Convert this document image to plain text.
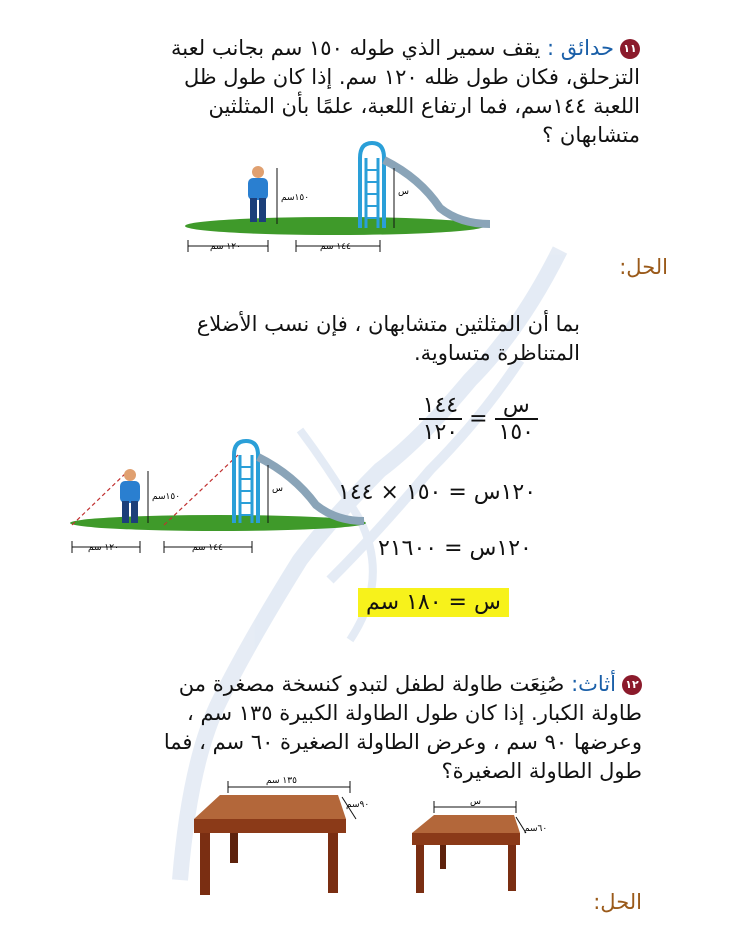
١١حدائق : يقف سمير الذي طوله ١٥٠ سم بجانب لعبة التزحلق، فكان طول ظله ١٢٠ سم. إذا كان طول ظل اللعبة ١٤٤سم، فما ارتفاع اللعبة، علمًا بأن المثلثين متشابهان ؟
١٥٠سم
س
١٢٠ سم	١٤٤ سم
الحل:
بما أن المثلثين متشابهان ، فإن نسب الأضلاع المتناظرة متساوية.
$\frac{\text{س}}{١٥٠}$
=
$\frac{١٤٤}{١٢٠}$
١٢٠س = ١٥٠ × ١٤٤
١٢٠س = ٢١٦٠٠
س = ١٨٠ سم
١٥٠سم
س
١٢٠ سم	١٤٤ سم
١٢أثاث: صُنِعَت طاولة لطفل لتبدو كنسخة مصغرة من طاولة الكبار. إذا كان طول الطاولة الكبيرة ١٣٥ سم ، وعرضها ٩٠ سم ، وعرض الطاولة الصغيرة ٦٠ سم ، فما طول الطاولة الصغيرة؟
١٣٥ سم
٩٠سم	س
٦٠سم
الحل:
